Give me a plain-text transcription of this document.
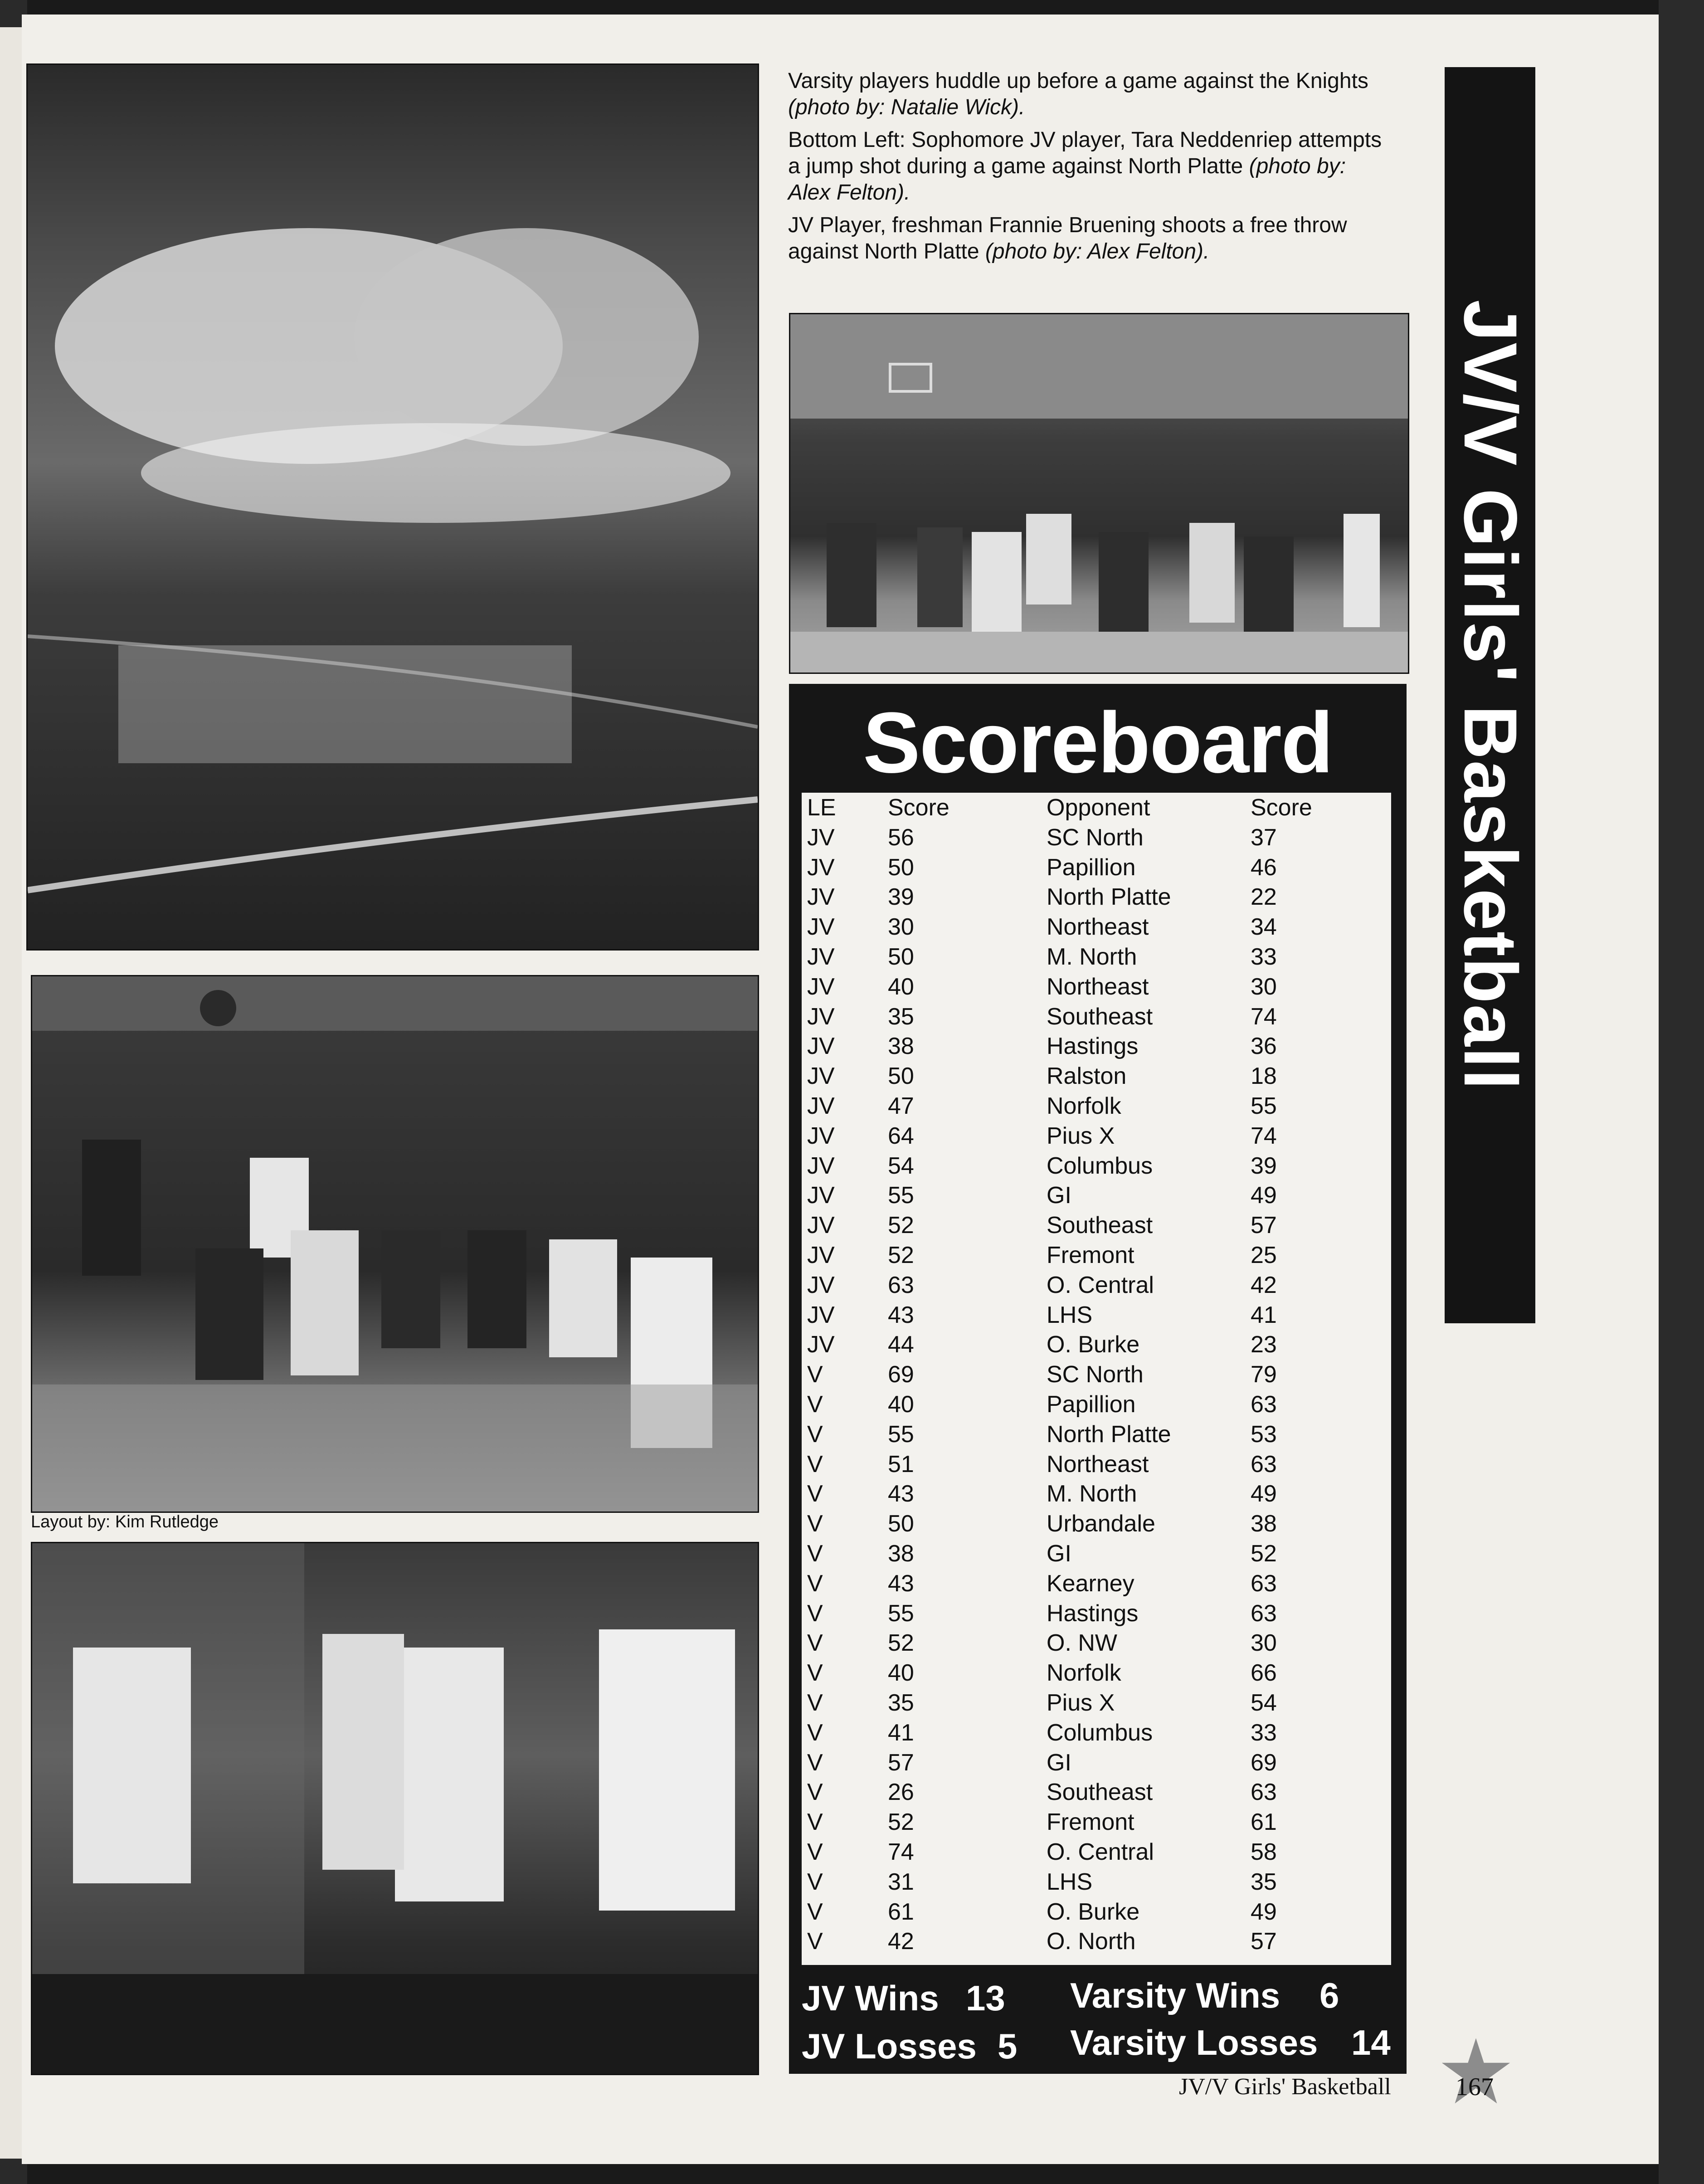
Layout by: Kim Rutledge

Varsity players huddle up before a game against the Knights (photo by: Natalie Wick).

Bottom Left: Sophomore JV player, Tara Neddenriep attempts a jump shot during a game against North Platte (photo by: Alex Felton).

JV Player, freshman Frannie Bruening shoots a free throw against North Platte (photo by: Alex Felton).

Scoreboard
LE Score	Opponent	Score
JV 56	SC North	37
JV 50	Papillion	46
JV 39	North Platte	22
JV 30	Northeast	34
JV 50	M. North	33
JV 40	Northeast	30
JV 35	Southeast	74
JV 38	Hastings	36
JV 50	Ralston	18
JV 47	Norfolk	55
JV 64	Pius X	74
JV 54	Columbus	39
JV 55	GI	49
JV 52	Southeast	57
JV 52	Fremont	25
JV 63	O. Central	42
JV 43	LHS	41
JV 44	O. Burke	23
V	69	SC North	79
V	40	Papillion	63
V	55	North Platte	53
V	51	Northeast	63
V	43	M. North	49
V	50	Urbandale	38
V	38	GI	52
V	43	Kearney	63
V	55	Hastings	63
V	52	O. NW	30
V	40	Norfolk	66
V	35	Pius X	54
V	41	Columbus	33
V	57	GI	69
V	26	Southeast	63
V	52	Fremont	61
V	74	O. Central	58
V	31	LHS	35
V	61	O. Burke	49
V	42	O. North	57
JV Wins 13
JV Losses 5
Varsity Wins 6
Varsity Losses 14
JV/V Girls' Basketball
JV/V Girls' Basketball	167
